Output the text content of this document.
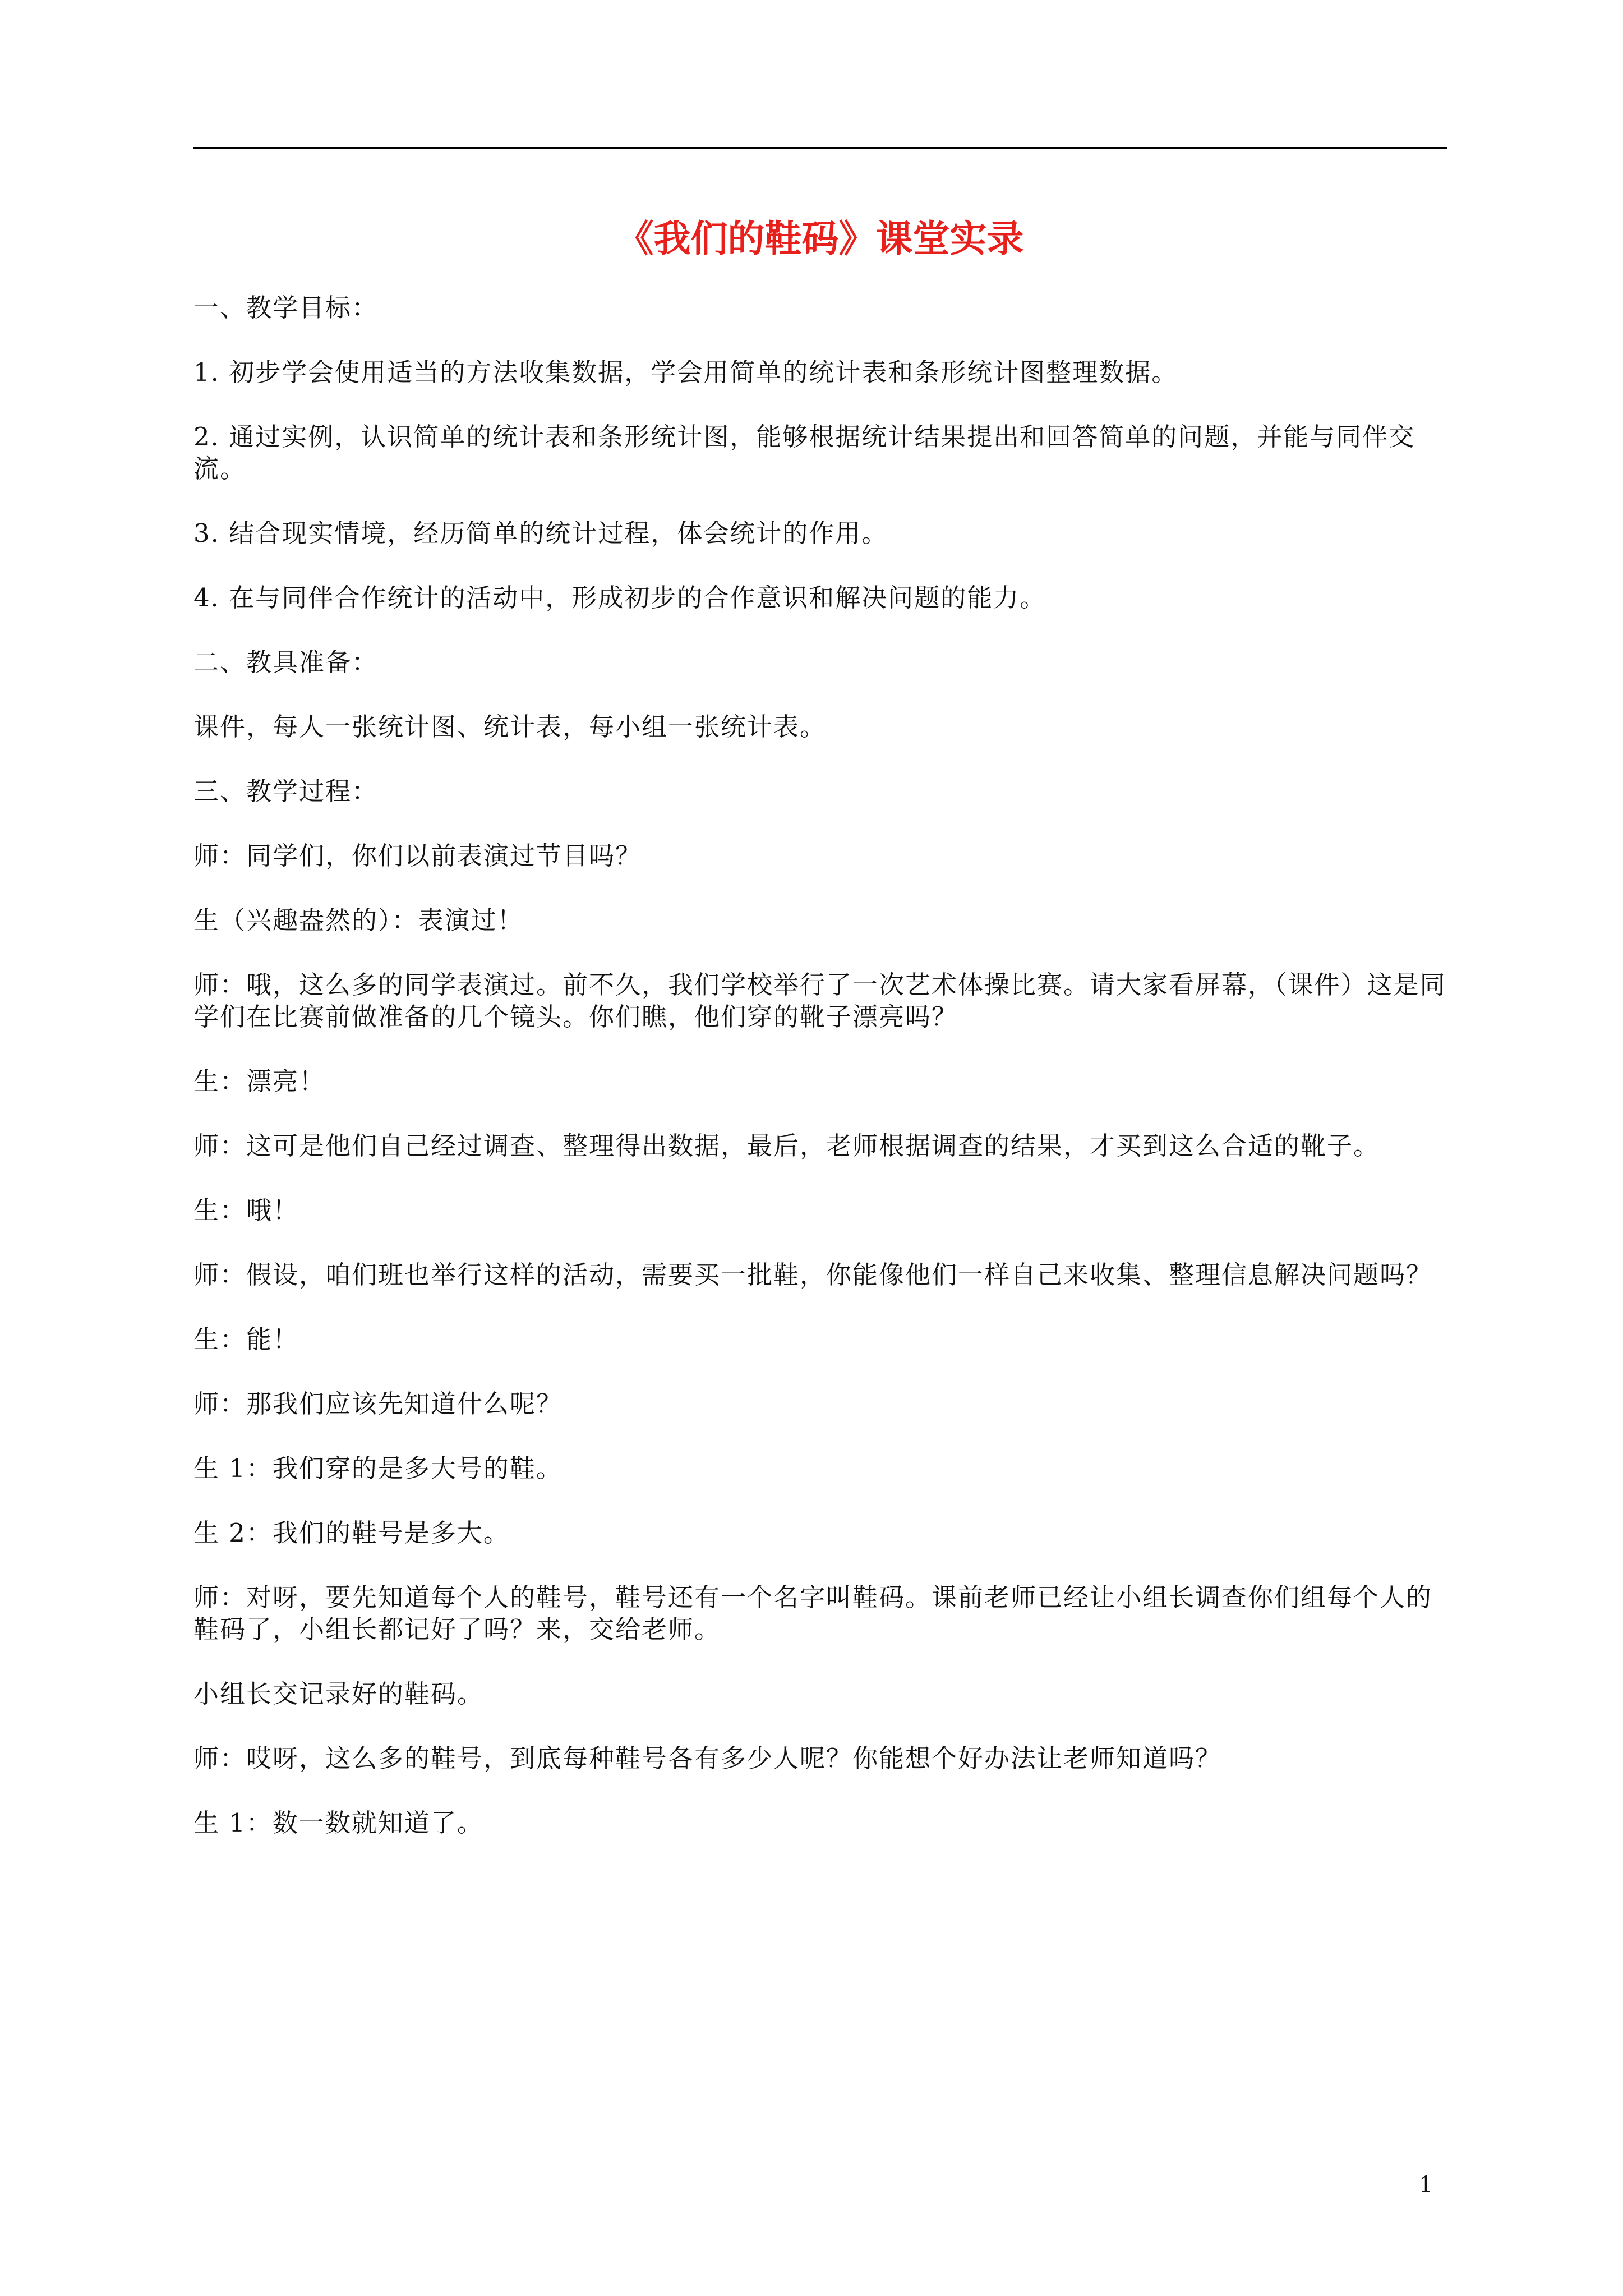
《我们的鞋码》课堂实录
一、教学目标：
1. 初步学会使用适当的方法收集数据，学会用简单的统计表和条形统计图整理数据。
2. 通过实例，认识简单的统计表和条形统计图，能够根据统计结果提出和回答简单的问题，并能与同伴交流。
3. 结合现实情境，经历简单的统计过程，体会统计的作用。
4. 在与同伴合作统计的活动中，形成初步的合作意识和解决问题的能力。
二、教具准备：
课件，每人一张统计图、统计表，每小组一张统计表。
三、教学过程：
师：同学们，你们以前表演过节目吗？
生（兴趣盎然的）：表演过！
师：哦，这么多的同学表演过。前不久，我们学校举行了一次艺术体操比赛。请大家看屏幕，（课件）这是同学们在比赛前做准备的几个镜头。你们瞧，他们穿的靴子漂亮吗？
生：漂亮！
师：这可是他们自己经过调查、整理得出数据，最后，老师根据调查的结果，才买到这么合适的靴子。
生：哦！
师：假设，咱们班也举行这样的活动，需要买一批鞋，你能像他们一样自己来收集、整理信息解决问题吗？
生：能！
师：那我们应该先知道什么呢？
生 1：我们穿的是多大号的鞋。
生 2：我们的鞋号是多大。
师：对呀，要先知道每个人的鞋号，鞋号还有一个名字叫鞋码。课前老师已经让小组长调查你们组每个人的鞋码了，小组长都记好了吗？来，交给老师。
小组长交记录好的鞋码。
师：哎呀，这么多的鞋号，到底每种鞋号各有多少人呢？你能想个好办法让老师知道吗？
生 1：数一数就知道了。
1
